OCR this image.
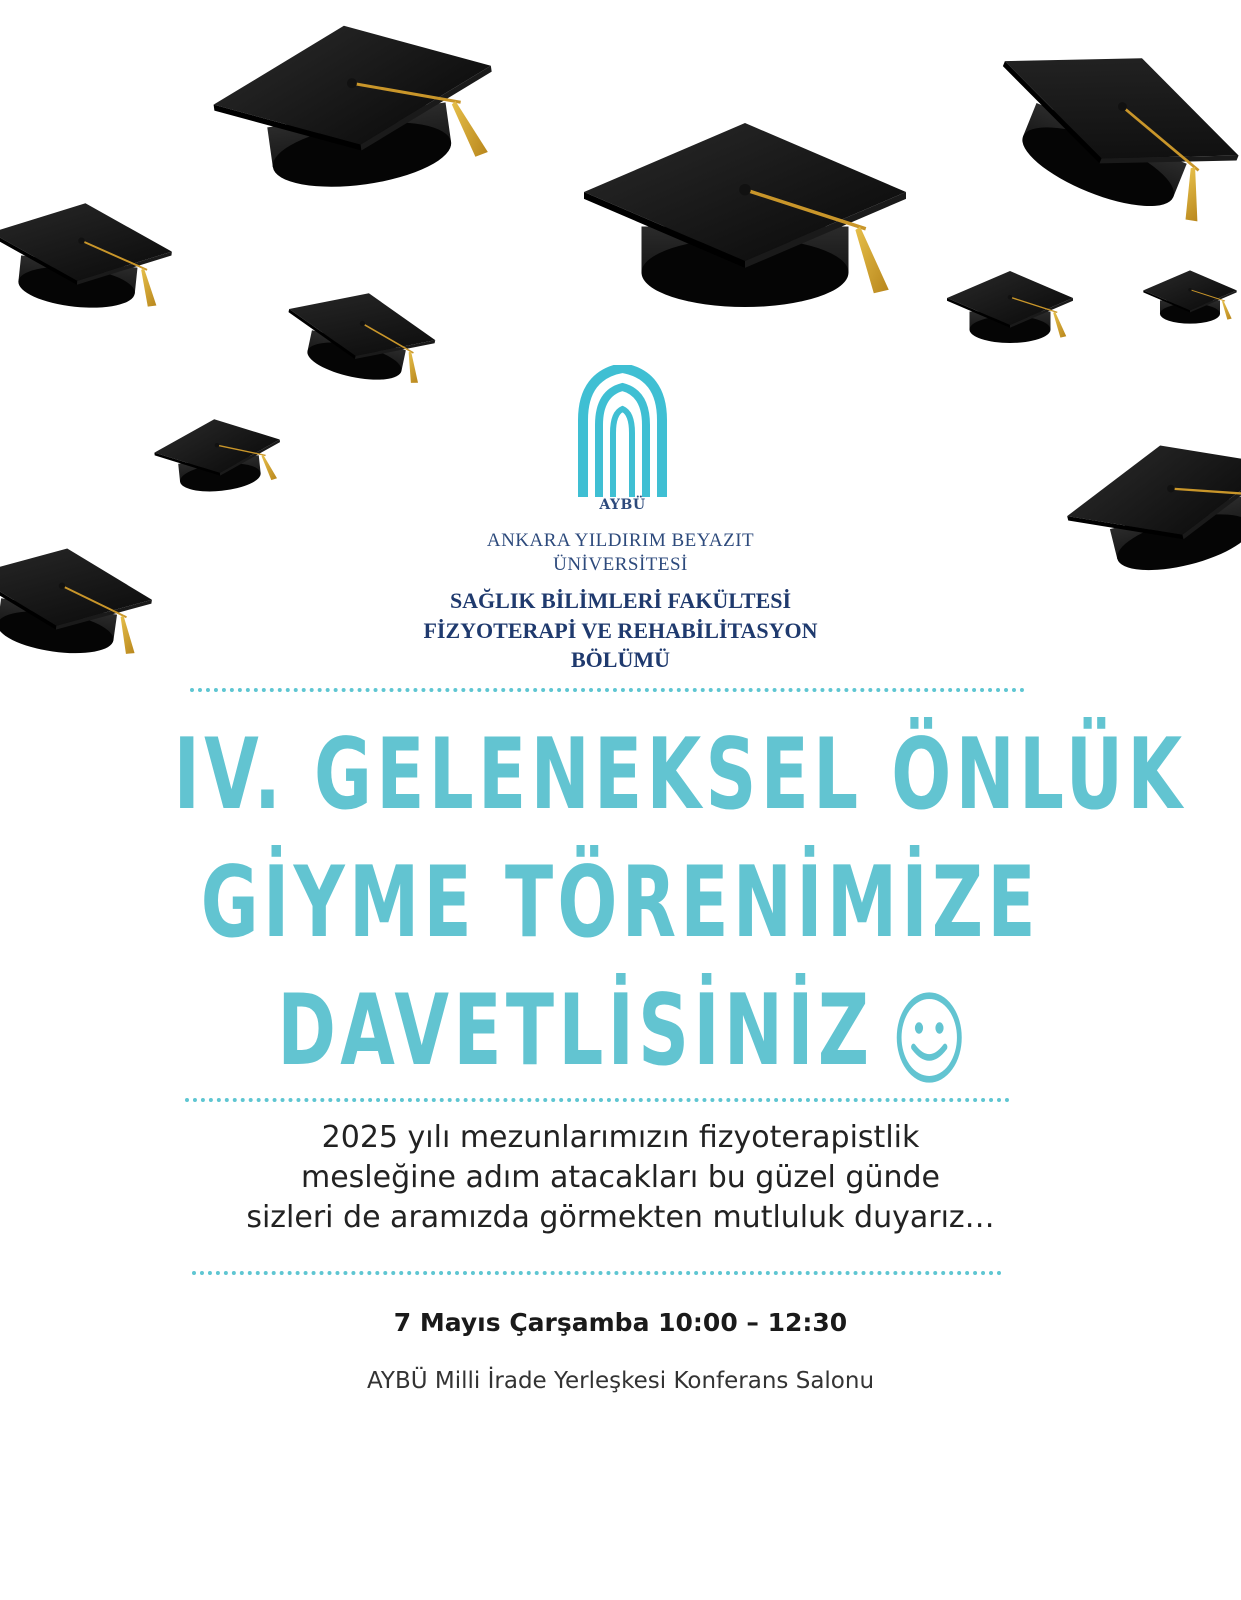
AYBÜ
ANKARA YILDIRIM BEYAZIT
ÜNİVERSİTESİ
SAĞLIK BİLİMLERİ FAKÜLTESİ
FİZYOTERAPİ VE REHABİLİTASYON
BÖLÜMÜ
IV. GELENEKSEL ÖNLÜK
GİYME TÖRENİMİZE
DAVETLİSİNİZ
2025 yılı mezunlarımızın fizyoterapistlik
mesleğine adım atacakları bu güzel günde
sizleri de aramızda görmekten mutluluk duyarız…
7 Mayıs Çarşamba 10:00 – 12:30
AYBÜ Milli İrade Yerleşkesi Konferans Salonu
